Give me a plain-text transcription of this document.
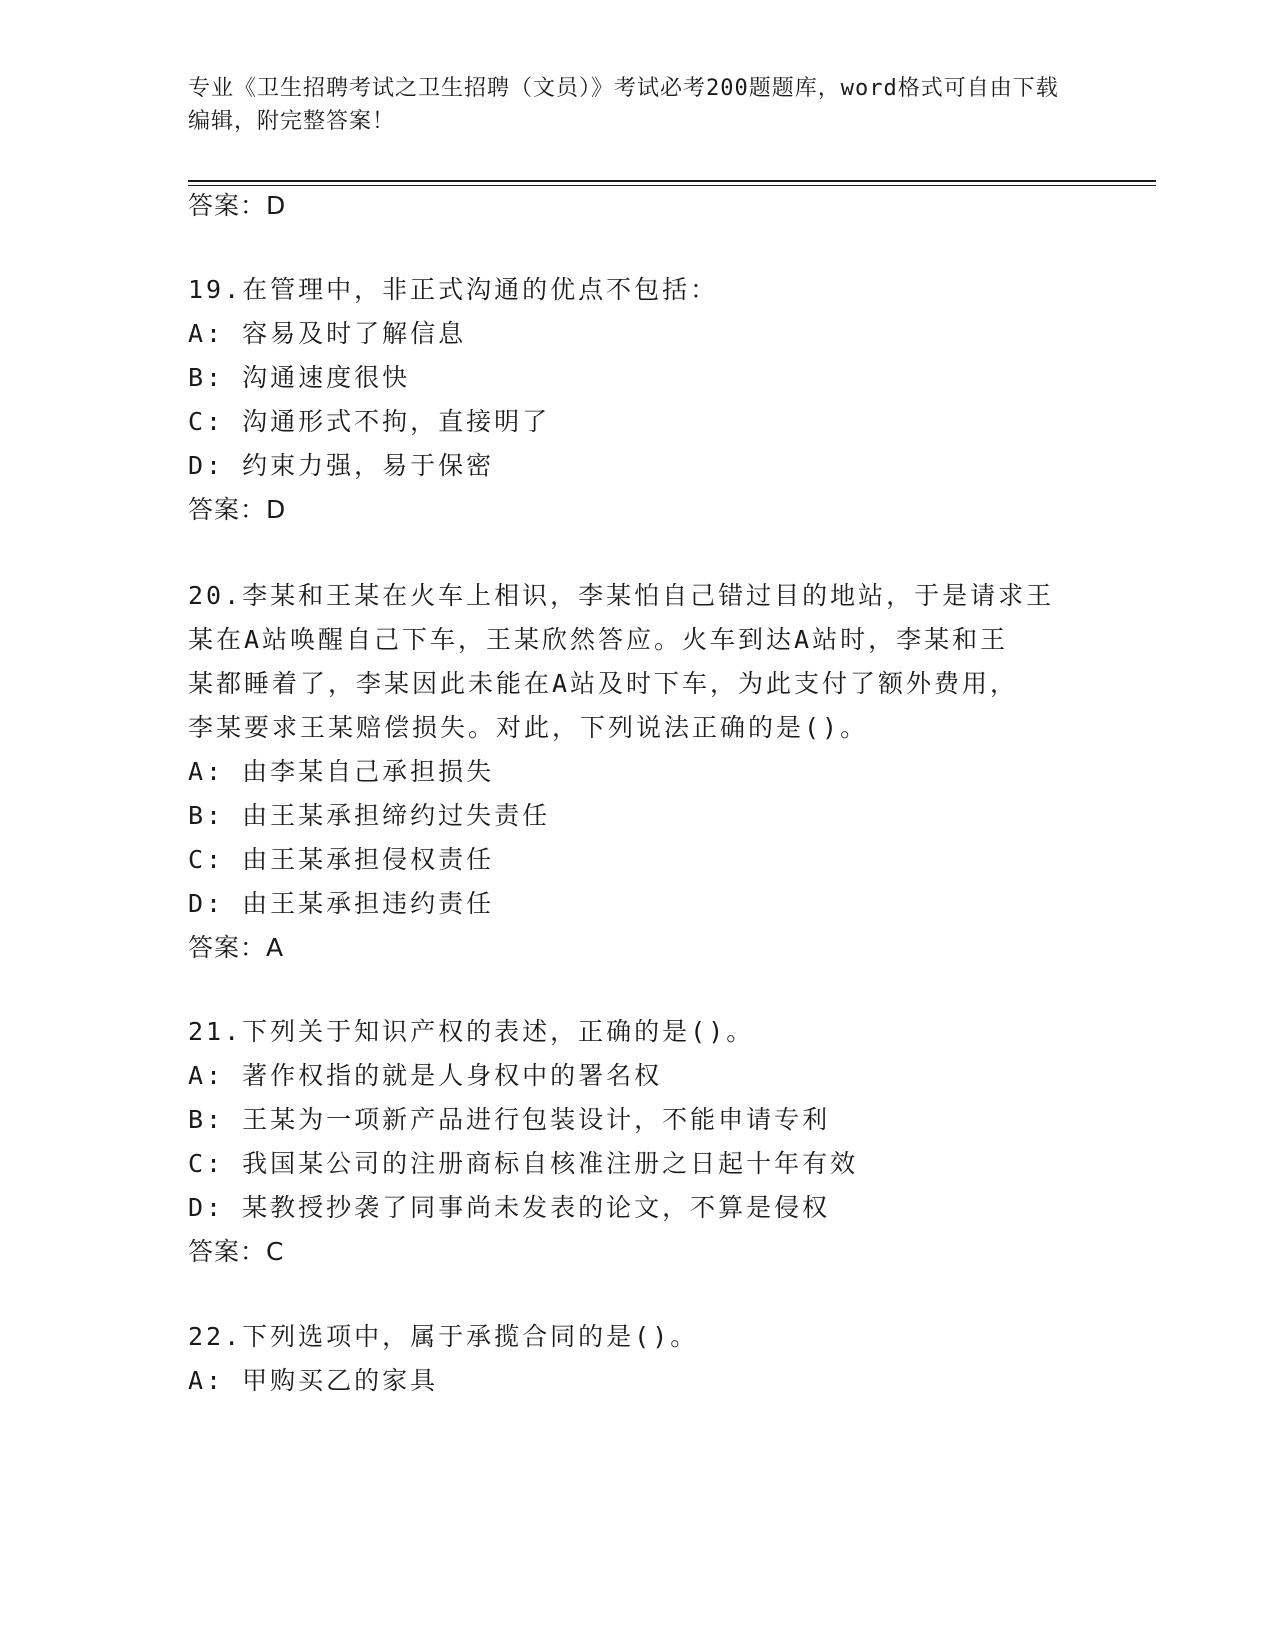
专业《卫生招聘考试之卫生招聘（文员）》考试必考200题题库，word格式可自由下载编辑，附完整答案！
答案：D
19.在管理中，非正式沟通的优点不包括：
A: 容易及时了解信息
B: 沟通速度很快
C: 沟通形式不拘，直接明了
D: 约束力强，易于保密
答案：D
20.李某和王某在火车上相识，李某怕自己错过目的地站，于是请求王
某在A站唤醒自己下车，王某欣然答应。火车到达A站时，李某和王
某都睡着了，李某因此未能在A站及时下车，为此支付了额外费用，
李某要求王某赔偿损失。对此，下列说法正确的是()。
A: 由李某自己承担损失
B: 由王某承担缔约过失责任
C: 由王某承担侵权责任
D: 由王某承担违约责任
答案：A
21.下列关于知识产权的表述，正确的是()。
A: 著作权指的就是人身权中的署名权
B: 王某为一项新产品进行包装设计，不能申请专利
C: 我国某公司的注册商标自核准注册之日起十年有效
D: 某教授抄袭了同事尚未发表的论文，不算是侵权
答案：C
22.下列选项中，属于承揽合同的是()。
A: 甲购买乙的家具
